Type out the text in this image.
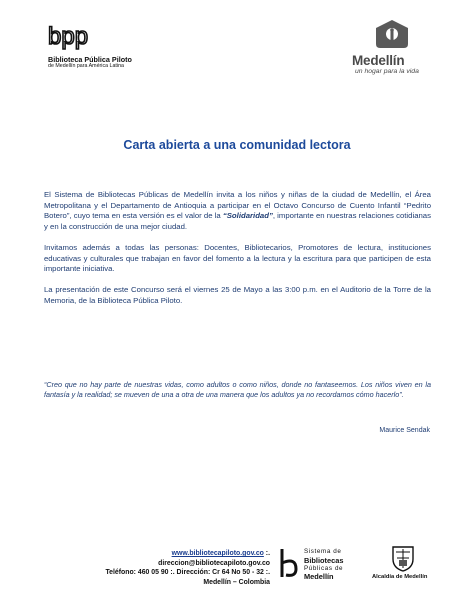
bpp
Biblioteca Pública Piloto
de Medellín para América Latina	Medellín
un hogar para la vida
Carta abierta a una comunidad lectora
El Sistema de Bibliotecas Públicas de Medellín invita a los niños y niñas de la ciudad de Medellín, el Área Metropolitana y el Departamento de Antioquia a participar en el Octavo Concurso de Cuento Infantil “Pedrito Botero”, cuyo tema en esta versión es el valor de la “Solidaridad”, importante en nuestras relaciones cotidianas y en la construcción de una mejor ciudad.
Invitamos además a todas las personas: Docentes, Bibliotecarios, Promotores de lectura, instituciones educativas y culturales que trabajan en favor del fomento a la lectura y la escritura para que participen de esta importante iniciativa.
La presentación de este Concurso será el viernes 25 de Mayo a las 3:00 p.m. en el Auditorio de la Torre de la Memoria, de la Biblioteca Pública Piloto.
“Creo que no hay parte de nuestras vidas, como adultos o como niños, donde no fantaseemos. Los niños viven en la fantasía y la realidad; se mueven de una a otra de una manera que los adultos ya no recordamos cómo hacerlo”.
Maurice Sendak
www.bibliotecapiloto.gov.co :.
direccion@bibliotecapiloto.gov.co
Teléfono: 460 05 90 :. Dirección: Cr 64 No 50 - 32 :.
Medellín – Colombia
Sistema de
Bibliotecas
Públicas de
Medellín	Alcaldía de Medellín
